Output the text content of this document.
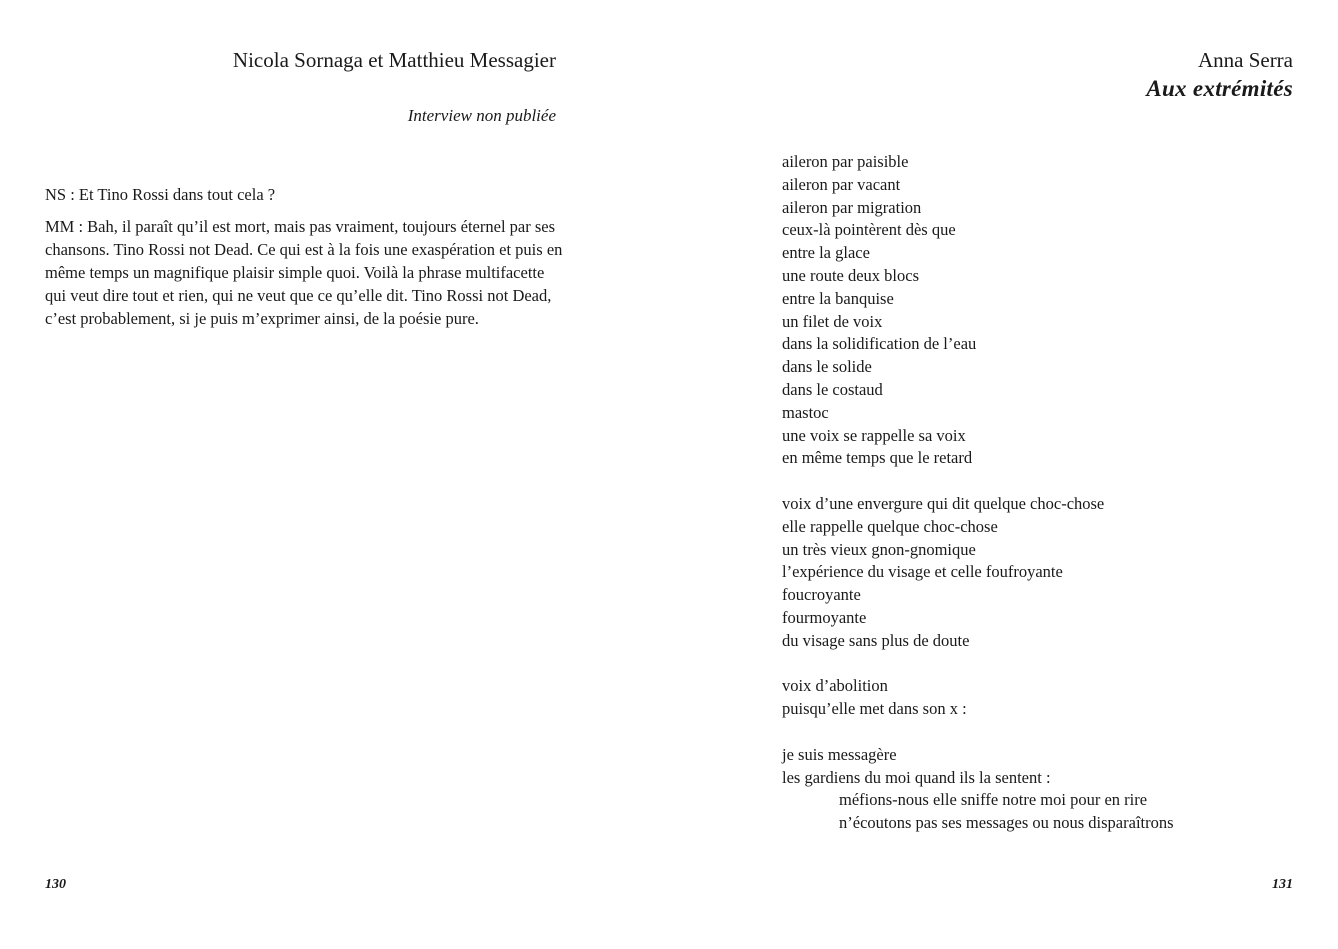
Nicola Sornaga et Matthieu Messagier
Interview non publiée

NS : Et Tino Rossi dans tout cela ?

MM : Bah, il paraît qu’il est mort, mais pas vraiment, toujours éternel par ses chansons. Tino Rossi not Dead. Ce qui est à la fois une exaspération et puis en même temps un magnifique plaisir simple quoi. Voilà la phrase multifacette qui veut dire tout et rien, qui ne veut que ce qu’elle dit. Tino Rossi not Dead, c’est probablement, si je puis m’exprimer ainsi, de la poésie pure.

130
Anna Serra
Aux extrémités
aileron par paisible
aileron par vacant
aileron par migration
ceux-là pointèrent dès que
entre la glace
une route deux blocs
entre la banquise
un filet de voix
dans la solidification de l’eau
dans le solide
dans le costaud
mastoc
une voix se rappelle sa voix
en même temps que le retard
voix d’une envergure qui dit quelque choc-chose
elle rappelle quelque choc-chose
un très vieux gnon-gnomique
l’expérience du visage et celle foufroyante
foucroyante
fourmoyante
du visage sans plus de doute
voix d’abolition
puisqu’elle met dans son x :
je suis messagère
les gardiens du moi quand ils la sentent :
méfions-nous elle sniffe notre moi pour en rire
n’écoutons pas ses messages ou nous disparaîtrons
131
